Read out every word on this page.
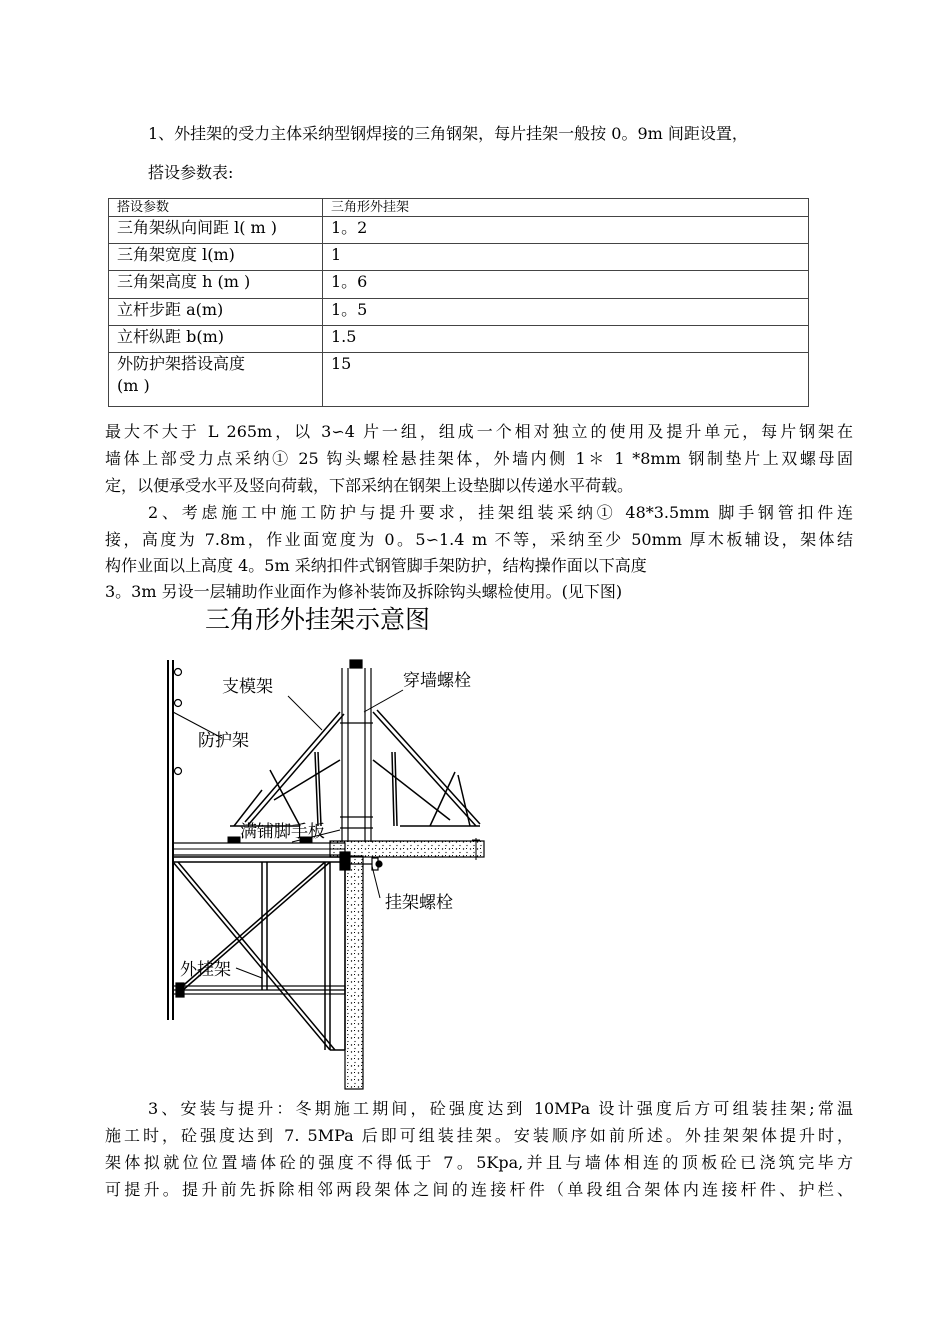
1、外挂架的受力主体采纳型钢焊接的三角钢架，每片挂架一般按 0。9m 间距设置，
搭设参数表:
搭设参数	三角形外挂架
三角架纵向间距 l( m )	1。2
三角架宽度 l(m)	1
三角架高度 h (m )	1。6
立杆步距 a(m)	1。5
立杆纵距 b(m)	1.5

外防护架搭设高度
(m )	15
最大不大于 L 265m，以 3∽4 片一组，组成一个相对独立的使用及提升单元，每片钢架在
墙体上部受力点采纳① 25 钩头螺栓悬挂架体，外墙内侧 1＊ 1 *8mm 钢制垫片上双螺母固
定，以便承受水平及竖向荷载，下部采纳在钢架上设垫脚以传递水平荷载。
2、考虑施工中施工防护与提升要求，挂架组装采纳① 48*3.5mm 脚手钢管扣件连
接，高度为 7.8m，作业面宽度为 0。5∽1.4 m 不等，采纳至少 50mm 厚木板辅设，架体结
构作业面以上高度 4。5m 采纳扣件式钢管脚手架防护，结构操作面以下高度
3。3m 另设一层辅助作业面作为修补装饰及拆除钩头螺检使用。(见下图)
三角形外挂架示意图
支模架	穿墙螺栓
防护架
满铺脚手板
挂架螺栓
外挂架
3、安装与提升：冬期施工期间，砼强度达到 10MPa 设计强度后方可组装挂架;常温
施工时，砼强度达到 7. 5MPa 后即可组装挂架。安装顺序如前所述。外挂架架体提升时，
架体拟就位位置墙体砼的强度不得低于 7。5Kpa,并且与墙体相连的顶板砼已浇筑完毕方
可提升。提升前先拆除相邻两段架体之间的连接杆件（单段组合架体内连接杆件、护栏、
